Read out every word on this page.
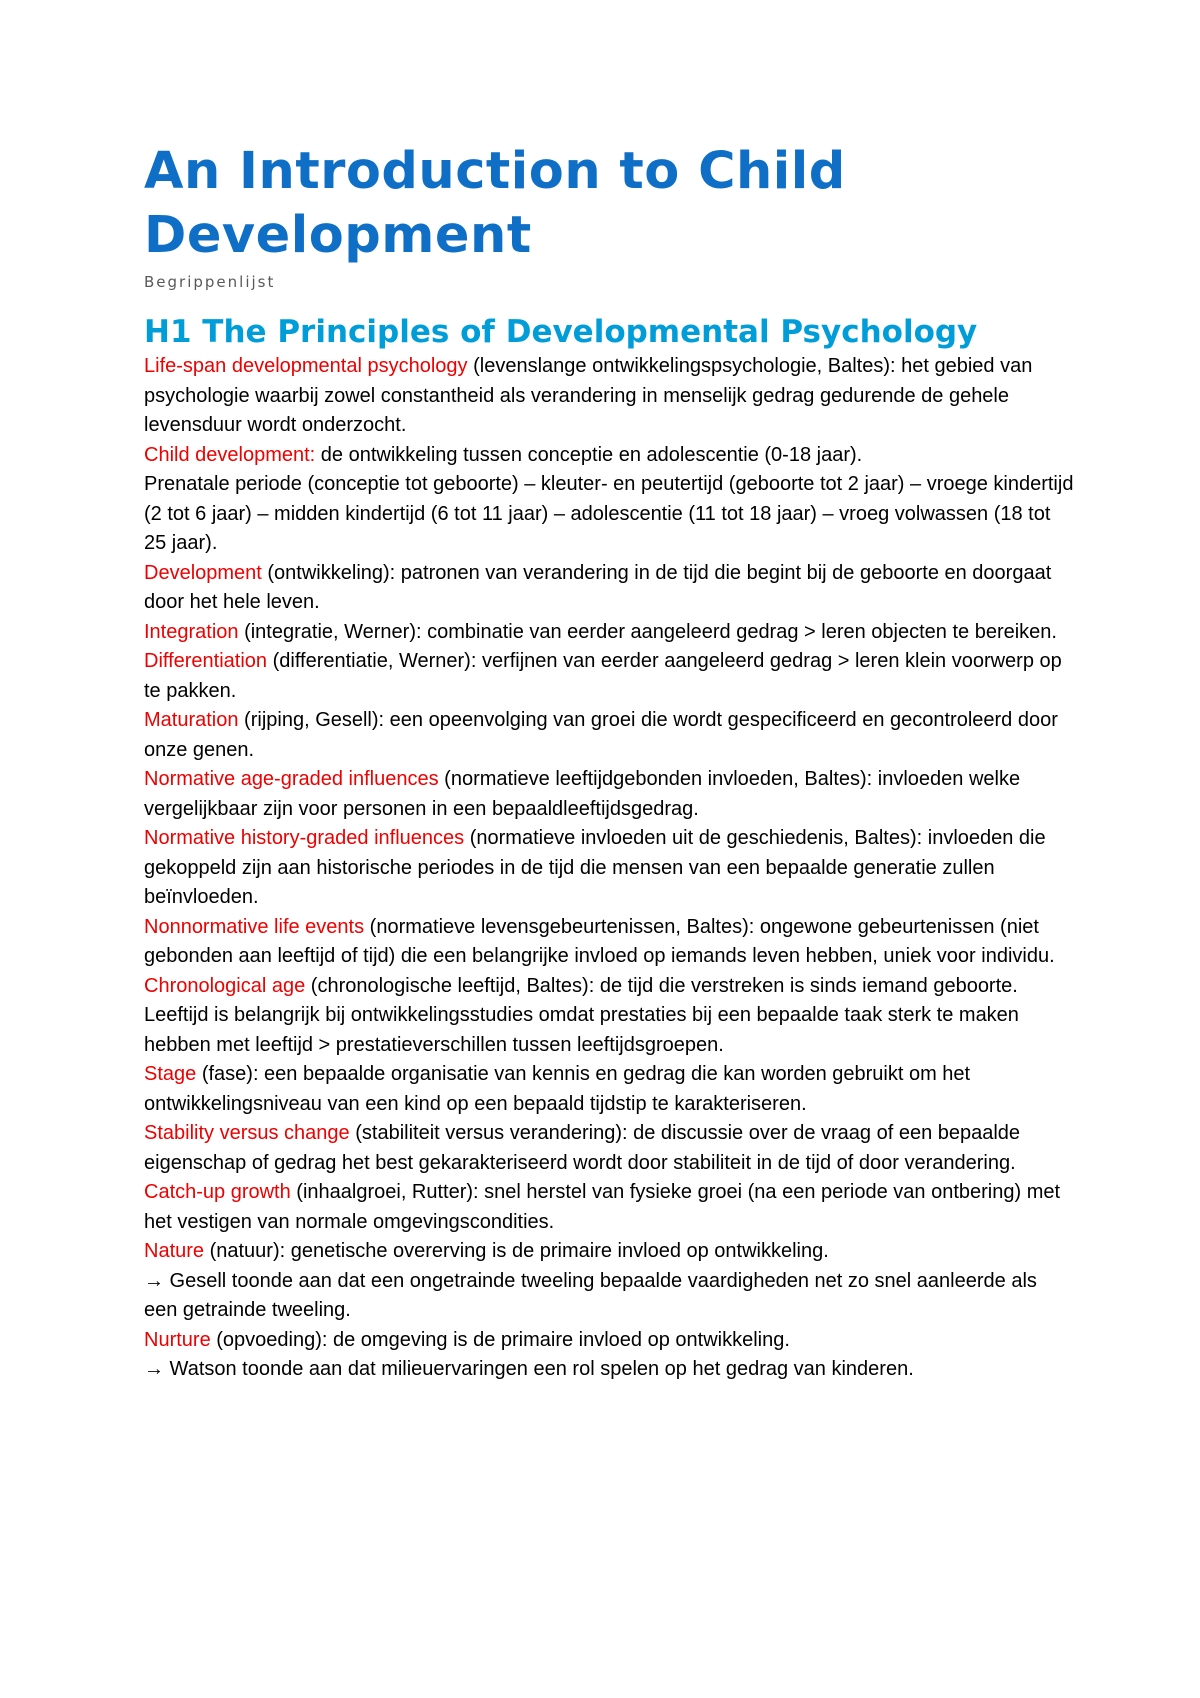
An Introduction to Child Development

Begrippenlijst

H1 The Principles of Developmental Psychology

Life-span developmental psychology (levenslange ontwikkelingspsychologie, Baltes): het gebied van psychologie waarbij zowel constantheid als verandering in menselijk gedrag gedurende de gehele levensduur wordt onderzocht.

Child development: de ontwikkeling tussen conceptie en adolescentie (0-18 jaar).

Prenatale periode (conceptie tot geboorte) – kleuter- en peutertijd (geboorte tot 2 jaar) – vroege kindertijd (2 tot 6 jaar) – midden kindertijd (6 tot 11 jaar) – adolescentie (11 tot 18 jaar) – vroeg volwassen (18 tot 25 jaar).

Development (ontwikkeling): patronen van verandering in de tijd die begint bij de geboorte en doorgaat door het hele leven.

Integration (integratie, Werner): combinatie van eerder aangeleerd gedrag > leren objecten te bereiken.

Differentiation (differentiatie, Werner): verfijnen van eerder aangeleerd gedrag > leren klein voorwerp op te pakken.

Maturation (rijping, Gesell): een opeenvolging van groei die wordt gespecificeerd en gecontroleerd door onze genen.

Normative age-graded influences (normatieve leeftijdgebonden invloeden, Baltes): invloeden welke vergelijkbaar zijn voor personen in een bepaaldleeftijdsgedrag.

Normative history-graded influences (normatieve invloeden uit de geschiedenis, Baltes): invloeden die gekoppeld zijn aan historische periodes in de tijd die mensen van een bepaalde generatie zullen beïnvloeden.

Nonnormative life events (normatieve levensgebeurtenissen, Baltes): ongewone gebeurtenissen (niet gebonden aan leeftijd of tijd) die een belangrijke invloed op iemands leven hebben, uniek voor individu.

Chronological age (chronologische leeftijd, Baltes): de tijd die verstreken is sinds iemand geboorte. Leeftijd is belangrijk bij ontwikkelingsstudies omdat prestaties bij een bepaalde taak sterk te maken hebben met leeftijd > prestatieverschillen tussen leeftijdsgroepen.

Stage (fase): een bepaalde organisatie van kennis en gedrag die kan worden gebruikt om het ontwikkelingsniveau van een kind op een bepaald tijdstip te karakteriseren.

Stability versus change (stabiliteit versus verandering): de discussie over de vraag of een bepaalde eigenschap of gedrag het best gekarakteriseerd wordt door stabiliteit in de tijd of door verandering.

Catch-up growth (inhaalgroei, Rutter): snel herstel van fysieke groei (na een periode van ontbering) met het vestigen van normale omgevingscondities.

Nature (natuur): genetische overerving is de primaire invloed op ontwikkeling.

→ Gesell toonde aan dat een ongetrainde tweeling bepaalde vaardigheden net zo snel aanleerde als een getrainde tweeling.

Nurture (opvoeding): de omgeving is de primaire invloed op ontwikkeling.

→ Watson toonde aan dat milieuervaringen een rol spelen op het gedrag van kinderen.
